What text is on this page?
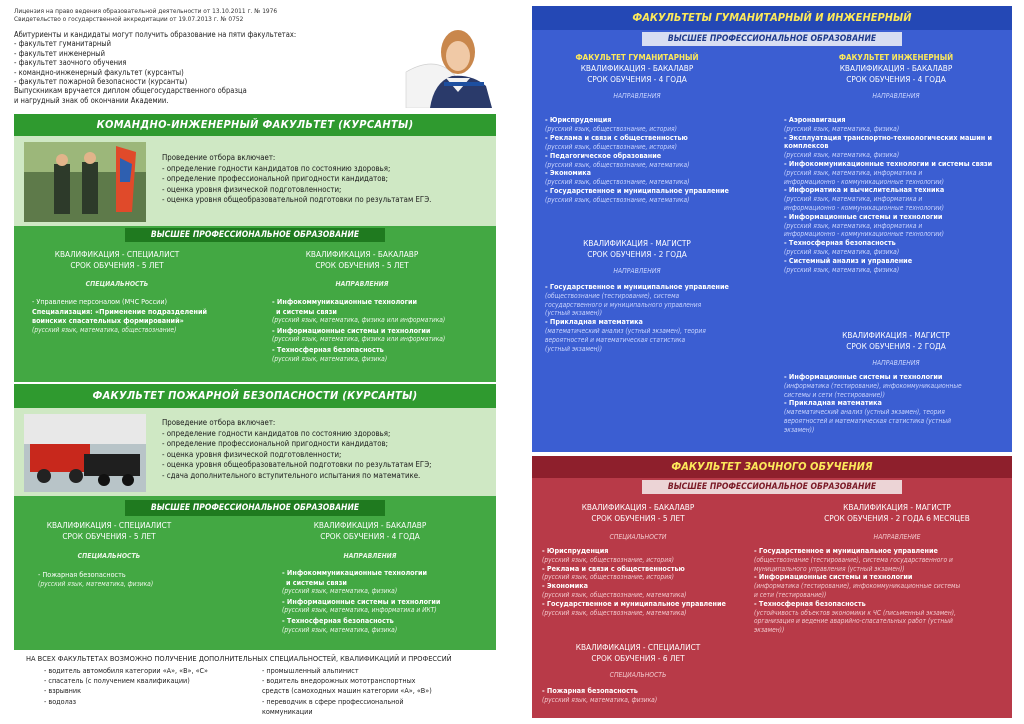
Лицензия на право ведения образовательной деятельности от 13.10.2011 г. № 1976
Свидетельство о государственной аккредитации от 19.07.2013 г. № 0752
Абитуриенты и кандидаты могут получить образование на пяти факультетах:
- факультет гуманитарный
- факультет инженерный
- факультет заочного обучения
- командно-инженерный факультет (курсанты)
- факультет пожарной безопасности (курсанты)
Выпускникам вручается диплом общегосударственного образца
и нагрудный знак об окончании Академии.
КОМАНДНО-ИНЖЕНЕРНЫЙ ФАКУЛЬТЕТ (КУРСАНТЫ)
Проведение отбора включает:
- определение годности кандидатов по состоянию здоровья;
- определение профессиональной пригодности кандидатов;
- оценка уровня физической подготовленности;
- оценка уровня общеобразовательной подготовки по результатам ЕГЭ.
ВЫСШЕЕ ПРОФЕССИОНАЛЬНОЕ ОБРАЗОВАНИЕ
КВАЛИФИКАЦИЯ - СПЕЦИАЛИСТ
СРОК ОБУЧЕНИЯ - 5 ЛЕТ
СПЕЦИАЛЬНОСТЬ
- Управление персоналом (МЧС России)
Специализация: «Применение подразделений
воинских спасательных формирований»
(русский язык, математика, обществознание)
КВАЛИФИКАЦИЯ - БАКАЛАВР
СРОК ОБУЧЕНИЯ - 5 ЛЕТ
НАПРАВЛЕНИЯ
- Инфокоммуникационные технологии
и системы связи
(русский язык, математика, физика или информатика)
- Информационные системы и технологии
(русский язык, математика, физика или информатика)
- Техносферная безопасность
(русский язык, математика, физика)
ФАКУЛЬТЕТ ПОЖАРНОЙ БЕЗОПАСНОСТИ (КУРСАНТЫ)
Проведение отбора включает:
- определение годности кандидатов по состоянию здоровья;
- определение профессиональной пригодности кандидатов;
- оценка уровня физической подготовленности;
- оценка уровня общеобразовательной подготовки по результатам ЕГЭ;
- сдача дополнительного вступительного испытания по математике.
ВЫСШЕЕ ПРОФЕССИОНАЛЬНОЕ ОБРАЗОВАНИЕ
КВАЛИФИКАЦИЯ - СПЕЦИАЛИСТ
СРОК ОБУЧЕНИЯ - 5 ЛЕТ
СПЕЦИАЛЬНОСТЬ
- Пожарная безопасность
(русский язык, математика, физика)
КВАЛИФИКАЦИЯ - БАКАЛАВР
СРОК ОБУЧЕНИЯ - 4 ГОДА
НАПРАВЛЕНИЯ
- Инфокоммуникационные технологии
и системы связи
(русский язык, математика, физика)
- Информационные системы и технологии
(русский язык, математика, информатика и ИКТ)
- Техносферная безопасность
(русский язык, математика, физика)
НА ВСЕХ ФАКУЛЬТЕТАХ ВОЗМОЖНО ПОЛУЧЕНИЕ ДОПОЛНИТЕЛЬНЫХ СПЕЦИАЛЬНОСТЕЙ, КВАЛИФИКАЦИЙ И ПРОФЕССИЙ
- водитель автомобиля категории «А», «В», «С»
- спасатель (с получением квалификации)
- взрывник
- водолаз
- промышленный альпинист
- водитель внедорожных мототранспортных
средств (самоходных машин категории «А», «В»)
- переводчик в сфере профессиональной
коммуникации
ФАКУЛЬТЕТЫ ГУМАНИТАРНЫЙ И ИНЖЕНЕРНЫЙ
ВЫСШЕЕ ПРОФЕССИОНАЛЬНОЕ ОБРАЗОВАНИЕ
ФАКУЛЬТЕТ ГУМАНИТАРНЫЙ
КВАЛИФИКАЦИЯ - БАКАЛАВР
СРОК ОБУЧЕНИЯ - 4 ГОДА
НАПРАВЛЕНИЯ
- Юриспруденция
(русский язык, обществознание, история)
- Реклама и связи с общественностью
(русский язык, обществознание, история)
- Педагогическое образование
(русский язык, обществознание, математика)
- Экономика
(русский язык, обществознание, математика)
- Государственное и муниципальное управление
(русский язык, обществознание, математика)
КВАЛИФИКАЦИЯ - МАГИСТР
СРОК ОБУЧЕНИЯ - 2 ГОДА
НАПРАВЛЕНИЯ
- Государственное и муниципальное управление
(обществознание (тестирование), система
государственного и муниципального управления
(устный экзамен))
- Прикладная математика
(математический анализ (устный экзамен), теория
вероятностей и математическая статистика
(устный экзамен))
ФАКУЛЬТЕТ ИНЖЕНЕРНЫЙ
КВАЛИФИКАЦИЯ - БАКАЛАВР
СРОК ОБУЧЕНИЯ - 4 ГОДА
НАПРАВЛЕНИЯ
- Аэронавигация
(русский язык, математика, физика)
- Эксплуатация транспортно-технологических машин и
комплексов
(русский язык, математика, физика)
- Инфокоммуникационные технологии и системы связи
(русский язык, математика, информатика и
информационно - коммуникационные технологии)
- Информатика и вычислительная техника
(русский язык, математика, информатика и
информационно - коммуникационные технологии)
- Информационные системы и технологии
(русский язык, математика, информатика и
информационно - коммуникационные технологии)
- Техносферная безопасность
(русский язык, математика, физика)
- Системный анализ и управление
(русский язык, математика, физика)
КВАЛИФИКАЦИЯ - МАГИСТР
СРОК ОБУЧЕНИЯ - 2 ГОДА
НАПРАВЛЕНИЯ
- Информационные системы и технологии
(информатика (тестирование), инфокоммуникационные
системы и сети (тестирование))
- Прикладная математика
(математический анализ (устный экзамен), теория
вероятностей и математическая статистика (устный
экзамен))
ФАКУЛЬТЕТ ЗАОЧНОГО ОБУЧЕНИЯ
ВЫСШЕЕ ПРОФЕССИОНАЛЬНОЕ ОБРАЗОВАНИЕ
КВАЛИФИКАЦИЯ - БАКАЛАВР
СРОК ОБУЧЕНИЯ - 5 ЛЕТ
СПЕЦИАЛЬНОСТИ
- Юриспруденция
(русский язык, обществознание, история)
- Реклама и связи с общественностью
(русский язык, обществознание, история)
- Экономика
(русский язык, обществознание, математика)
- Государственное и муниципальное управление
(русский язык, обществознание, математика)
КВАЛИФИКАЦИЯ - СПЕЦИАЛИСТ
СРОК ОБУЧЕНИЯ - 6 ЛЕТ
СПЕЦИАЛЬНОСТЬ
- Пожарная безопасность
(русский язык, математика, физика)
КВАЛИФИКАЦИЯ - МАГИСТР
СРОК ОБУЧЕНИЯ - 2 ГОДА 6 МЕСЯЦЕВ
НАПРАВЛЕНИЕ
- Государственное и муниципальное управление
(обществознание (тестирование), система государственного и
муниципального управления (устный экзамен))
- Информационные системы и технологии
(информатика (тестирование), инфокоммуникационные системы
и сети (тестирование))
- Техносферная безопасность
(устойчивость объектов экономики к ЧС (письменный экзамен),
организация и ведение аварийно-спасательных работ (устный
экзамен))
